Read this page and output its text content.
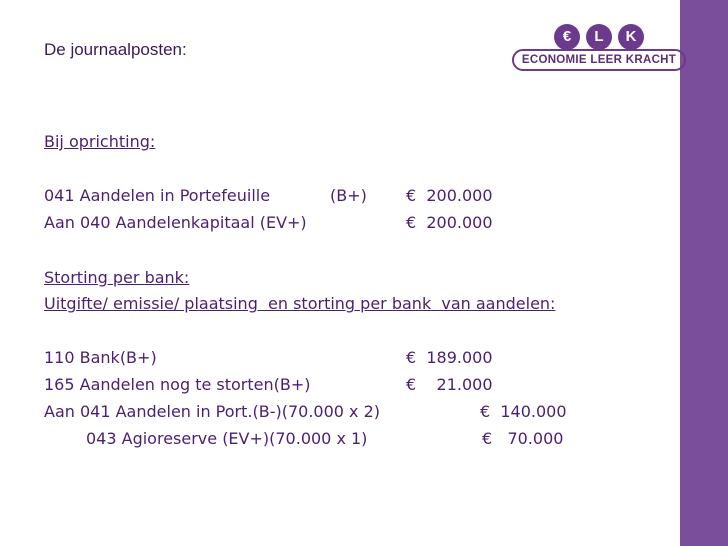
De journaalposten:
€	L	K
ECONOMIE LEER KRACHT
Bij oprichting:
041 Aandelen in Portefeuille	(B+) €  200.000
Aan 040 Aandelenkapitaal (EV+)	€  200.000
Storting per bank:
Uitgifte/ emissie/ plaatsing  en storting per bank  van aandelen:
110 Bank(B+)	€  189.000
165 Aandelen nog te storten(B+)	€    21.000
Aan 041 Aandelen in Port.(B-)(70.000 x 2)	€  140.000
043 Agioreserve (EV+)(70.000 x 1)	€   70.000
